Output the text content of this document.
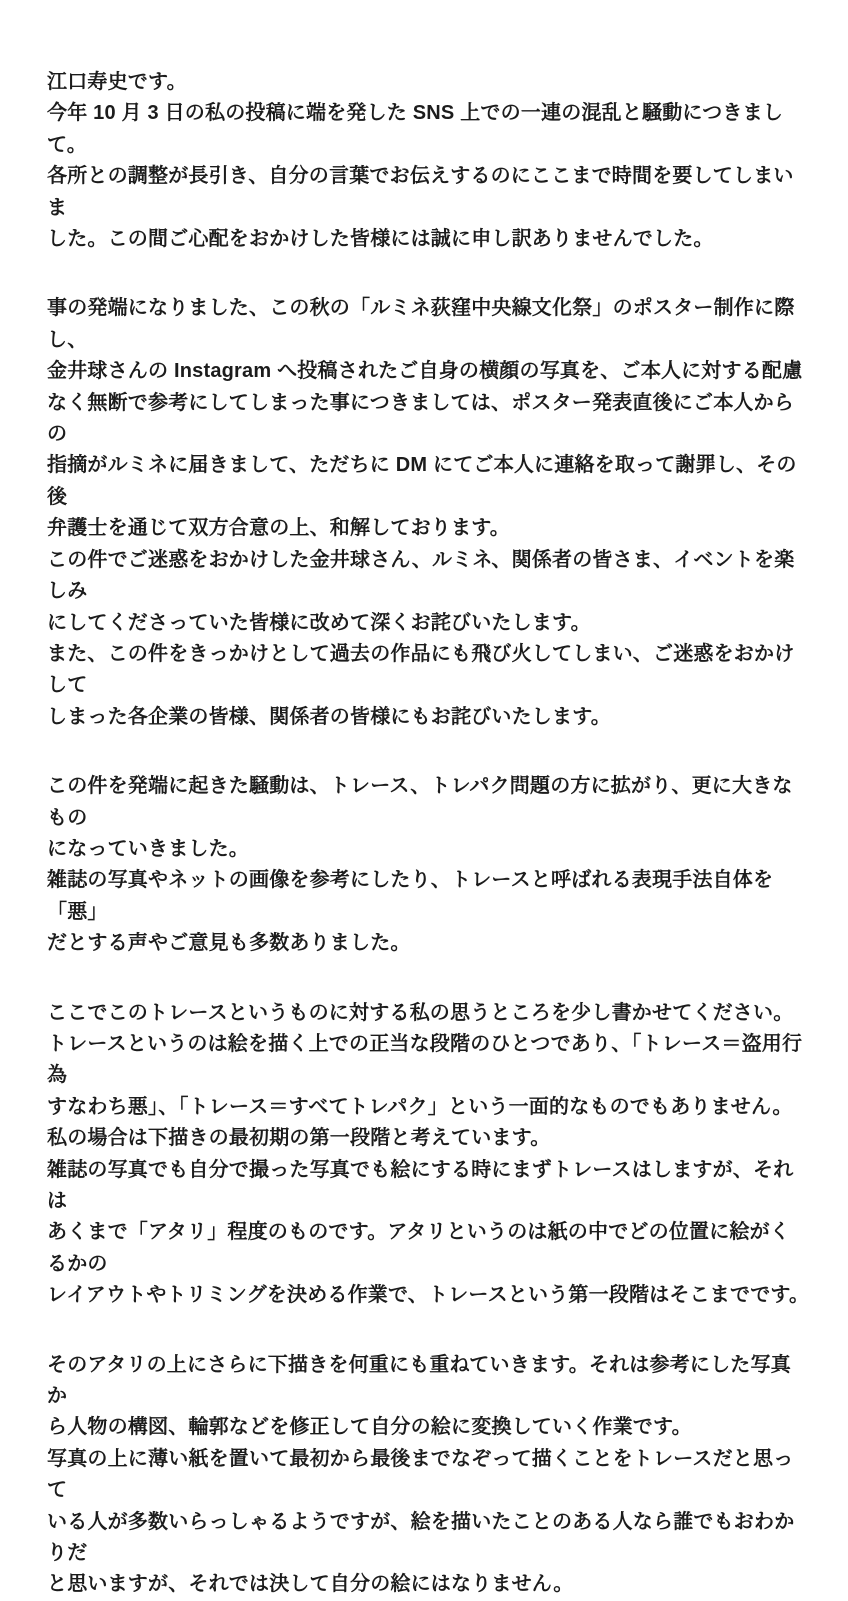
江口寿史です。
今年 10 月 3 日の私の投稿に端を発した SNS 上での一連の混乱と騒動につきまして。
各所との調整が長引き、自分の言葉でお伝えするのにここまで時間を要してしまいま
した。この間ご心配をおかけした皆様には誠に申し訳ありませんでした。
事の発端になりました、この秋の「ルミネ荻窪中央線文化祭」のポスター制作に際し、
金井球さんの Instagram へ投稿されたご自身の横顔の写真を、ご本人に対する配慮
なく無断で参考にしてしまった事につきましては、ポスター発表直後にご本人からの
指摘がルミネに届きまして、ただちに DM にてご本人に連絡を取って謝罪し、その後
弁護士を通じて双方合意の上、和解しております。
この件でご迷惑をおかけした金井球さん、ルミネ、関係者の皆さま、イベントを楽しみ
にしてくださっていた皆様に改めて深くお詫びいたします。
また、この件をきっかけとして過去の作品にも飛び火してしまい、ご迷惑をおかけして
しまった各企業の皆様、関係者の皆様にもお詫びいたします。
この件を発端に起きた騒動は、トレース、トレパク問題の方に拡がり、更に大きなもの
になっていきました。
雑誌の写真やネットの画像を参考にしたり、トレースと呼ばれる表現手法自体を「悪」
だとする声やご意見も多数ありました。
ここでこのトレースというものに対する私の思うところを少し書かせてください。
トレースというのは絵を描く上での正当な段階のひとつであり、「トレース＝盗用行為
すなわち悪」、「トレース＝すべてトレパク」という一面的なものでもありません。
私の場合は下描きの最初期の第一段階と考えています。
雑誌の写真でも自分で撮った写真でも絵にする時にまずトレースはしますが、それは
あくまで「アタリ」程度のものです。アタリというのは紙の中でどの位置に絵がくるかの
レイアウトやトリミングを決める作業で、トレースという第一段階はそこまでです。
そのアタリの上にさらに下描きを何重にも重ねていきます。それは参考にした写真か
ら人物の構図、輪郭などを修正して自分の絵に変換していく作業です。
写真の上に薄い紙を置いて最初から最後までなぞって描くことをトレースだと思って
いる人が多数いらっしゃるようですが、絵を描いたことのある人なら誰でもおわかりだ
と思いますが、それでは決して自分の絵にはなりません。
